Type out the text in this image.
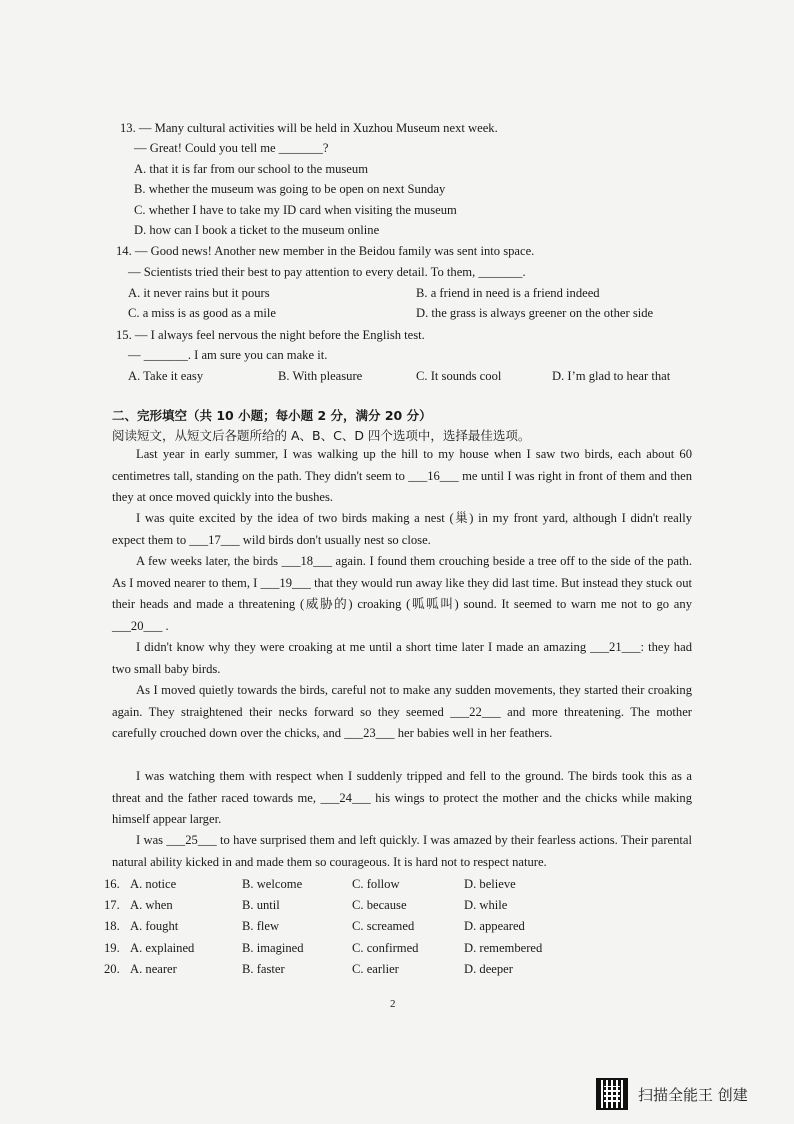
13. — Many cultural activities will be held in Xuzhou Museum next week.
— Great! Could you tell me _______?
A. that it is far from our school to the museum
B. whether the museum was going to be open on next Sunday
C. whether I have to take my ID card when visiting the museum
D. how can I book a ticket to the museum online
14. — Good news! Another new member in the Beidou family was sent into space.
— Scientists tried their best to pay attention to every detail. To them, _______.
A. it never rains but it pours	B. a friend in need is a friend indeed
C. a miss is as good as a mile	D. the grass is always greener on the other side
15. — I always feel nervous the night before the English test.
— _______. I am sure you can make it.
A. Take it easy	B. With pleasure	C. It sounds cool	D. I’m glad to hear that
二、完形填空（共 10 小题；每小题 2 分，满分 20 分）
阅读短文，从短文后各题所给的 A、B、C、D 四个选项中，选择最佳选项。
Last year in early summer, I was walking up the hill to my house when I saw two birds, each about 60 centimetres tall, standing on the path. They didn't seem to ___16___ me until I was right in front of them and then they at once moved quickly into the bushes.
I was quite excited by the idea of two birds making a nest (巢) in my front yard, although I didn't really expect them to ___17___ wild birds don't usually nest so close.
A few weeks later, the birds ___18___ again. I found them crouching beside a tree off to the side of the path. As I moved nearer to them, I ___19___ that they would run away like they did last time. But instead they stuck out their heads and made a threatening (威胁的) croaking (呱呱叫) sound. It seemed to warn me not to go any ___20___ .
I didn't know why they were croaking at me until a short time later I made an amazing ___21___: they had two small baby birds.
As I moved quietly towards the birds, careful not to make any sudden movements, they started their croaking again. They straightened their necks forward so they seemed ___22___ and more threatening. The mother carefully crouched down over the chicks, and ___23___ her babies well in her feathers.
I was watching them with respect when I suddenly tripped and fell to the ground. The birds took this as a threat and the father raced towards me, ___24___ his wings to protect the mother and the chicks while making himself appear larger.
I was ___25___ to have surprised them and left quickly. I was amazed by their fearless actions. Their parental natural ability kicked in and made them so courageous. It is hard not to respect nature.
16. A. notice	B. welcome	C. follow	D. believe
17. A. when	B. until	C. because	D. while
18. A. fought	B. flew	C. screamed	D. appeared
19. A. explained	B. imagined	C. confirmed	D. remembered
20. A. nearer	B. faster	C. earlier	D. deeper
2
扫描全能王 创建
